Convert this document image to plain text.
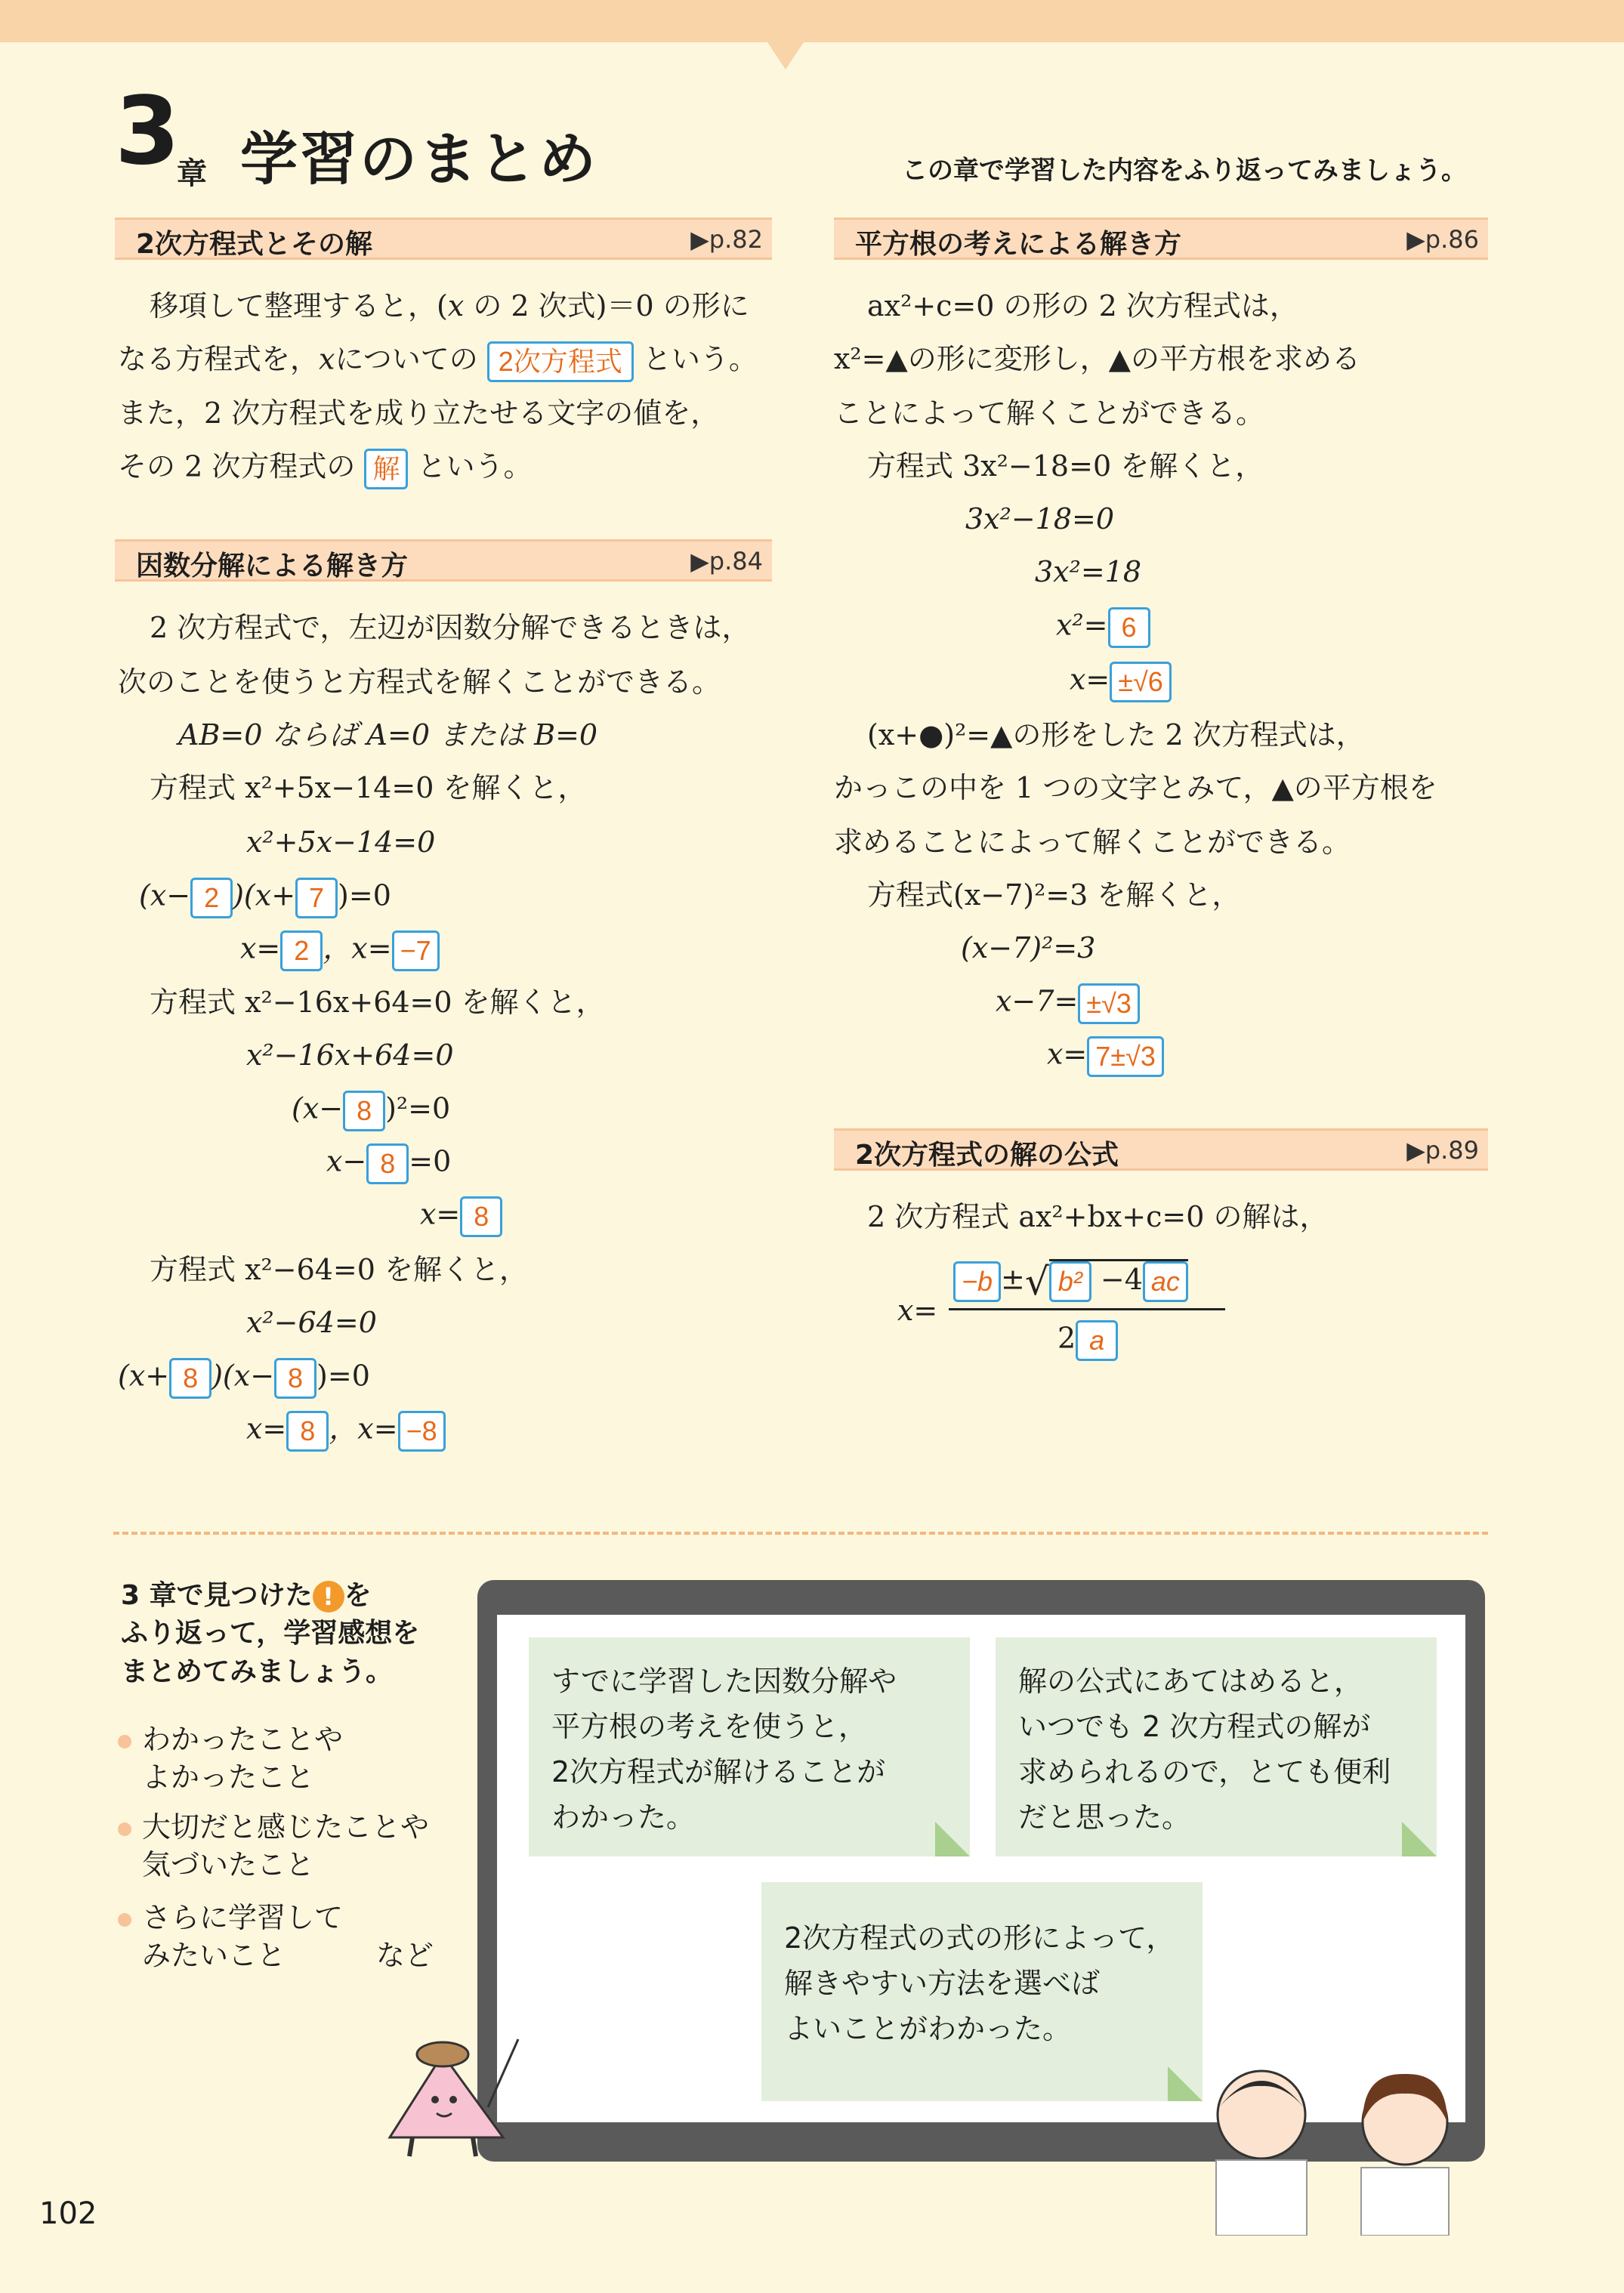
3
章 学習のまとめ	この章で学習した内容をふり返ってみましょう。
2次方程式とその解	▶p.82
移項して整理すると，(x の 2 次式)＝0 の形に
なる方程式を，xについての 2次方程式 という。
また，2 次方程式を成り立たせる文字の値を，
その 2 次方程式の 解 という。
因数分解による解き方	▶p.84
2 次方程式で，左辺が因数分解できるときは，
次のことを使うと方程式を解くことができる。
AB=0 ならば A=0 または B=0
方程式 x²+5x−14=0 を解くと，
x²+5x−14=0
(x− 2 )(x+ 7 )=0
x= 2 ，x= −7
方程式 x²−16x+64=0 を解くと，
x²−16x+64=0
(x− 8 )²=0
x− 8 =0
x= 8
方程式 x²−64=0 を解くと，
x²−64=0
(x+ 8 )(x− 8 )=0
x= 8 ，x= −8
平方根の考えによる解き方	▶p.86
ax²+c=0 の形の 2 次方程式は，
x²=▲の形に変形し，▲の平方根を求める
ことによって解くことができる。
方程式 3x²−18=0 を解くと，
3x²−18=0
3x²=18
x²= 6
x= ±√6
(x+●)²=▲の形をした 2 次方程式は，
かっこの中を 1 つの文字とみて，▲の平方根を
求めることによって解くことができる。
方程式(x−7)²=3 を解くと，
(x−7)²=3
x−7= ±√3
x= 7±√3
2次方程式の解の公式	▶p.89
2 次方程式 ax²+bx+c=0 の解は，
x=
−b ±√ b² −4 ac
2 a
3 章で見つけた ! を
ふり返って，学習感想を
まとめてみましょう。
わかったことや
よかったこと
大切だと感じたことや
気づいたこと
さらに学習して
みたいこと	など
すでに学習した因数分解や
平方根の考えを使うと，
2次方程式が解けることが
わかった。
解の公式にあてはめると，
いつでも 2 次方程式の解が
求められるので，とても便利
だと思った。
2次方程式の式の形によって，
解きやすい方法を選べば
よいことがわかった。
102
